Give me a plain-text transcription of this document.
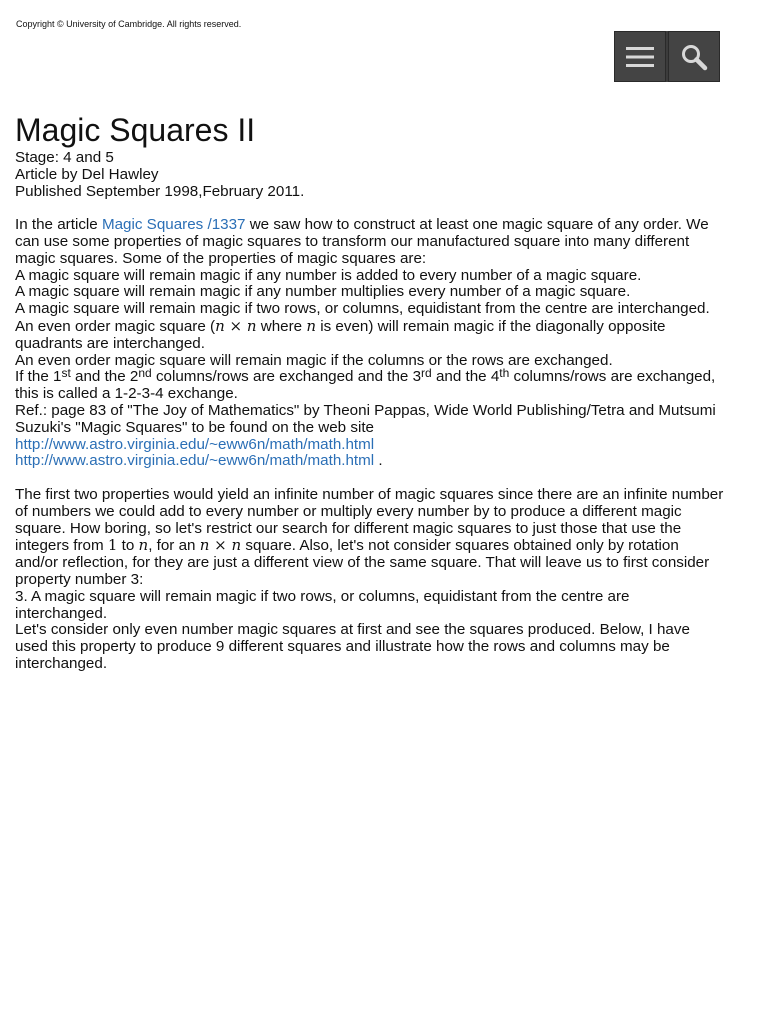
Copyright © University of Cambridge. All rights reserved.
Magic Squares II
Stage: 4 and 5
Article by Del Hawley
Published September 1998,February 2011.

In the article Magic Squares /1337 we saw how to construct at least one magic square of any order. We can use some properties of magic squares to transform our manufactured square into many different magic squares. Some of the properties of magic squares are:

A magic square will remain magic if any number is added to every number of a magic square.

A magic square will remain magic if any number multiplies every number of a magic square.

A magic square will remain magic if two rows, or columns, equidistant from the centre are interchanged.

An even order magic square (n × n where n is even) will remain magic if the diagonally opposite quadrants are interchanged.

An even order magic square will remain magic if the columns or the rows are exchanged.

If the 1st and the 2nd columns/rows are exchanged and the 3rd and the 4th columns/rows are exchanged, this is called a 1-2-3-4 exchange.

Ref.: page 83 of "The Joy of Mathematics" by Theoni Pappas, Wide World Publishing/Tetra and Mutsumi Suzuki's "Magic Squares" to be found on the web site

http://www.astro.virginia.edu/~eww6n/math/math.html

http://www.astro.virginia.edu/~eww6n/math/math.html .

The first two properties would yield an infinite number of magic squares since there are an infinite number of numbers we could add to every number or multiply every number by to produce a different magic square. How boring, so let's restrict our search for different magic squares to just those that use the integers from 1 to n, for an n × n square. Also, let's not consider squares obtained only by rotation and/or reflection, for they are just a different view of the same square. That will leave us to first consider property number 3:

3. A magic square will remain magic if two rows, or columns, equidistant from the centre are interchanged.

Let's consider only even number magic squares at first and see the squares produced. Below, I have used this property to produce 9 different squares and illustrate how the rows and columns may be interchanged.
